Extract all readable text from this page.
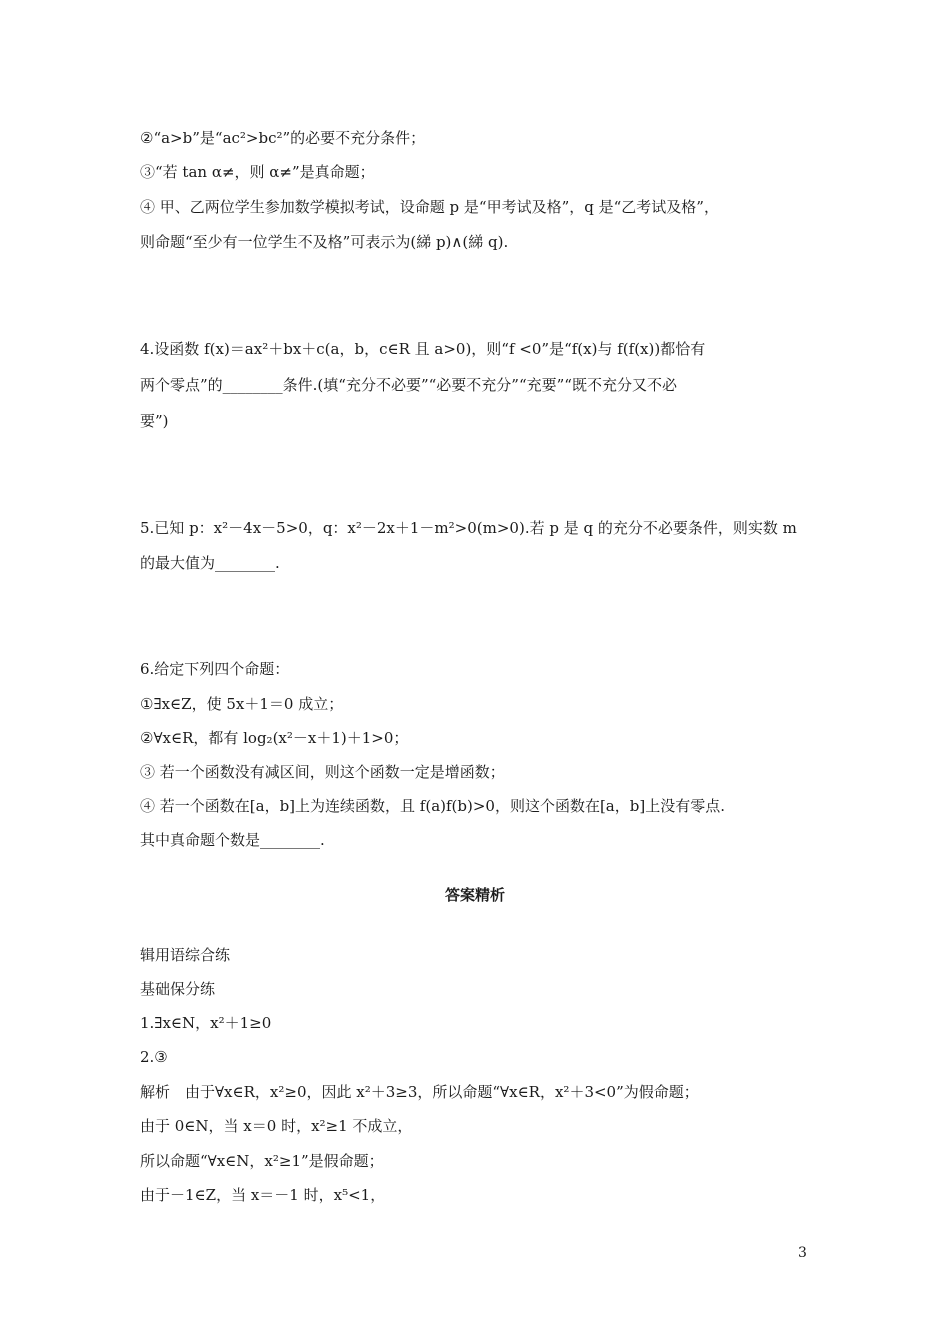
②“a>b”是“ac²>bc²”的必要不充分条件；
③“若 tan α≠，则 α≠”是真命题；
④ 甲、乙两位学生参加数学模拟考试，设命题 p 是“甲考试及格”，q 是“乙考试及格”，
则命题“至少有一位学生不及格”可表示为(綈 p)∧(綈 q).
4.设函数 f(x)＝ax²＋bx＋c(a，b，c∈R 且 a>0)，则“f <0”是“f(x)与 f(f(x))都恰有
两个零点”的________条件.(填“充分不必要”“必要不充分”“充要”“既不充分又不必
要”)
5.已知 p：x²－4x－5>0，q：x²－2x＋1－m²>0(m>0).若 p 是 q 的充分不必要条件，则实数 m
的最大值为________.
6.给定下列四个命题：
①∃x∈Z，使 5x＋1＝0 成立；
②∀x∈R，都有 log₂(x²－x＋1)＋1>0；
③ 若一个函数没有减区间，则这个函数一定是增函数；
④ 若一个函数在[a，b]上为连续函数，且 f(a)f(b)>0，则这个函数在[a，b]上没有零点.
其中真命题个数是________.
答案精析
辑用语综合练
基础保分练
1.∃x∈N，x²＋1≥0
2.③
解析　由于∀x∈R，x²≥0，因此 x²＋3≥3，所以命题“∀x∈R，x²＋3<0”为假命题；
由于 0∈N，当 x＝0 时，x²≥1 不成立，
所以命题“∀x∈N，x²≥1”是假命题；
由于－1∈Z，当 x＝－1 时，x⁵<1，
3
